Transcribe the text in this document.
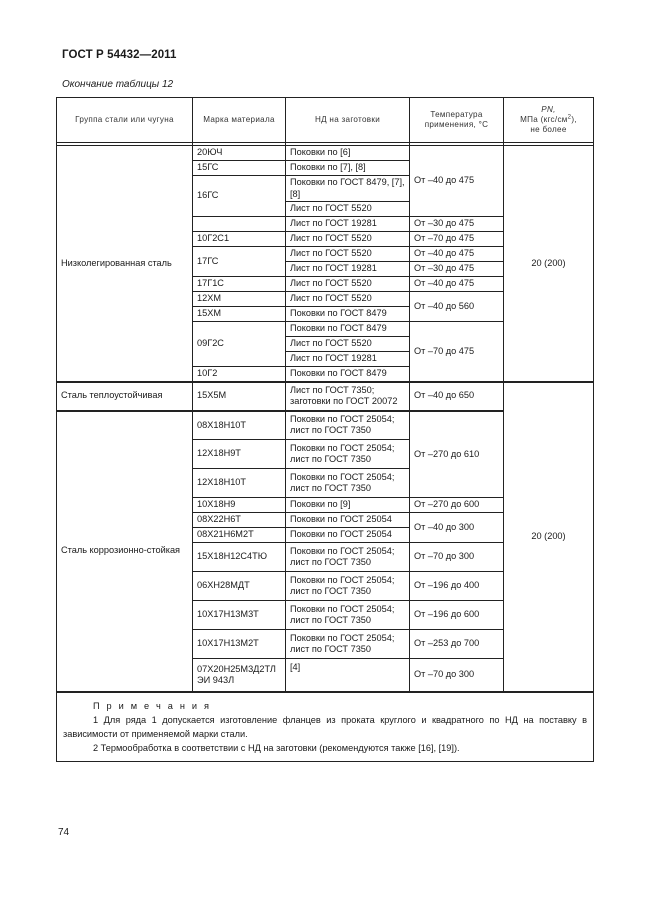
ГОСТ Р 54432—2011
Окончание таблицы 12
Группа стали или чугуна	Марка материала	НД на заготовки	Температура применения, °С	PN,
МПа $(кгс/см^2)$,
не более

Низколегированная сталь	20ЮЧ	Поковки по [6]	От –40 до 475	20 (200)
	15ГС	Поковки по [7], [8]		
	16ГС	Поковки по ГОСТ 8479, [7], [8]		
		Лист по ГОСТ 5520		
		Лист по ГОСТ 19281	От –30 до 475	
	10Г2С1	Лист по ГОСТ 5520	От –70 до 475	
	17ГС	Лист по ГОСТ 5520	От –40 до 475	
		Лист по ГОСТ 19281	От –30 до 475	
	17Г1С	Лист по ГОСТ 5520	От –40 до 475	
	12ХМ	Лист по ГОСТ 5520	От –40 до 560	
	15ХМ	Поковки по ГОСТ 8479		
	09Г2С	Поковки по ГОСТ 8479	От –70 до 475	
		Лист по ГОСТ 5520		
		Лист по ГОСТ 19281		
	10Г2	Поковки по ГОСТ 8479		
Сталь теплоустойчивая	15Х5М	Лист по ГОСТ 7350; заготовки по ГОСТ 20072	От –40 до 650	20 (200)
Сталь коррозионно-стойкая	08Х18Н10Т	Поковки по ГОСТ 25054; лист по ГОСТ 7350	От –270 до 610	
	12Х18Н9Т	Поковки по ГОСТ 25054; лист по ГОСТ 7350		
	12Х18Н10Т	Поковки по ГОСТ 25054; лист по ГОСТ 7350		
	10Х18Н9	Поковки по [9]	От –270 до 600	
	08Х22Н6Т	Поковки по ГОСТ 25054	От –40 до 300	
	08Х21Н6М2Т	Поковки по ГОСТ 25054		
	15Х18Н12С4ТЮ	Поковки по ГОСТ 25054; лист по ГОСТ 7350	От –70 до 300	
	06ХН28МДТ	Поковки по ГОСТ 25054; лист по ГОСТ 7350	От –196 до 400	
	10Х17Н13М3Т	Поковки по ГОСТ 25054; лист по ГОСТ 7350	От –196 до 600	
	10Х17Н13М2Т	Поковки по ГОСТ 25054; лист по ГОСТ 7350	От –253 до 700	
	07Х20Н25М3Д2ТЛ ЭИ 943Л	[4]	От –70 до 300	

П р и м е ч а н и я
1 Для ряда 1 допускается изготовление фланцев из проката круглого и квадратного по НД на поставку в зависимости от применяемой марки стали.
2 Термообработка в соответствии с НД на заготовки (рекомендуются также [16], [19]).				
74
